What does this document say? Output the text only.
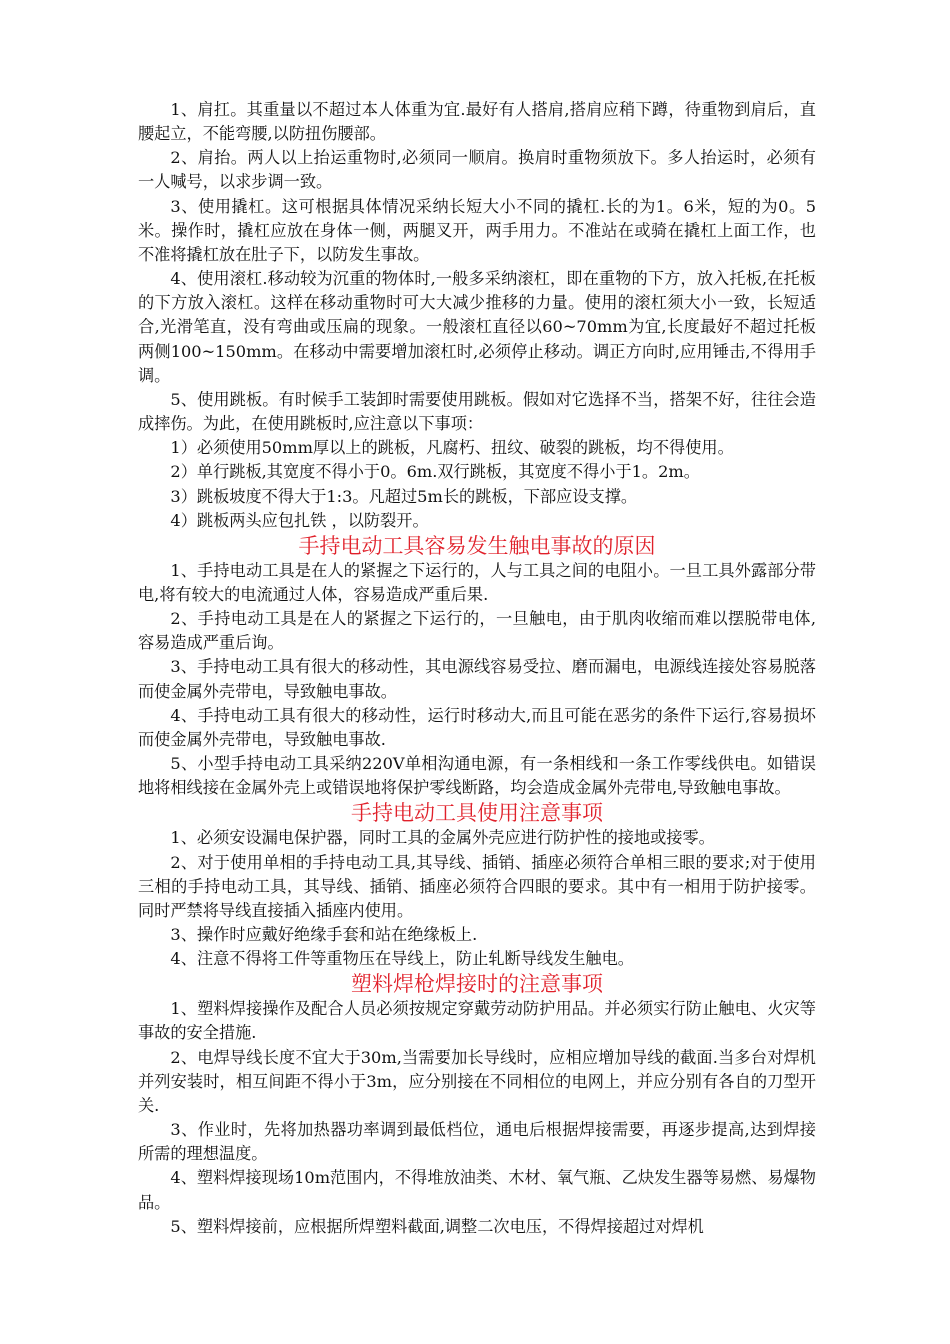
1、肩扛。其重量以不超过本人体重为宜.最好有人搭肩,搭肩应稍下蹲，待重物到肩后，直腰起立，不能弯腰,以防扭伤腰部。

2、肩抬。两人以上抬运重物时,必须同一顺肩。换肩时重物须放下。多人抬运时，必须有一人喊号，以求步调一致。

3、使用撬杠。这可根据具体情况采纳长短大小不同的撬杠.长的为1。6米，短的为0。5米。操作时，撬杠应放在身体一侧，两腿叉开，两手用力。不准站在或骑在撬杠上面工作，也不准将撬杠放在肚子下，以防发生事故。

4、使用滚杠.移动较为沉重的物体时,一般多采纳滚杠，即在重物的下方，放入托板,在托板的下方放入滚杠。这样在移动重物时可大大减少推移的力量。使用的滚杠须大小一致，长短适合,光滑笔直，没有弯曲或压扁的现象。一般滚杠直径以60~70mm为宜,长度最好不超过托板两侧100~150mm。在移动中需要增加滚杠时,必须停止移动。调正方向时,应用锤击,不得用手调。

5、使用跳板。有时候手工装卸时需要使用跳板。假如对它选择不当，搭架不好，往往会造成摔伤。为此，在使用跳板时,应注意以下事项：

1）必须使用50mm厚以上的跳板，凡腐朽、扭纹、破裂的跳板，均不得使用。

2）单行跳板,其宽度不得小于0。6m.双行跳板，其宽度不得小于1。2m。

3）跳板坡度不得大于1:3。凡超过5m长的跳板，下部应设支撑。

4）跳板两头应包扎铁 ，以防裂开。

手持电动工具容易发生触电事故的原因

1、手持电动工具是在人的紧握之下运行的，人与工具之间的电阻小。一旦工具外露部分带电,将有较大的电流通过人体，容易造成严重后果.

2、手持电动工具是在人的紧握之下运行的，一旦触电，由于肌肉收缩而难以摆脱带电体,容易造成严重后询。

3、手持电动工具有很大的移动性，其电源线容易受拉、磨而漏电，电源线连接处容易脱落而使金属外壳带电，导致触电事故。

4、手持电动工具有很大的移动性，运行时移动大,而且可能在恶劣的条件下运行,容易损坏而使金属外壳带电，导致触电事故.

5、小型手持电动工具采纳220V单相沟通电源，有一条相线和一条工作零线供电。如错误地将相线接在金属外壳上或错误地将保护零线断路，均会造成金属外壳带电,导致触电事故。

手持电动工具使用注意事项

1、必须安设漏电保护器，同时工具的金属外壳应进行防护性的接地或接零。

2、对于使用单相的手持电动工具,其导线、插销、插座必须符合单相三眼的要求;对于使用三相的手持电动工具，其导线、插销、插座必须符合四眼的要求。其中有一相用于防护接零。同时严禁将导线直接插入插座内使用。

3、操作时应戴好绝缘手套和站在绝缘板上.

4、注意不得将工件等重物压在导线上，防止轧断导线发生触电。

塑料焊枪焊接时的注意事项

1、塑料焊接操作及配合人员必须按规定穿戴劳动防护用品。并必须实行防止触电、火灾等事故的安全措施.

2、电焊导线长度不宜大于30m,当需要加长导线时，应相应增加导线的截面.当多台对焊机并列安装时，相互间距不得小于3m，应分别接在不同相位的电网上，并应分别有各自的刀型开关.

3、作业时，先将加热器功率调到最低档位，通电后根据焊接需要，再逐步提高,达到焊接所需的理想温度。

4、塑料焊接现场10m范围内，不得堆放油类、木材、氧气瓶、乙炔发生器等易燃、易爆物品。

5、塑料焊接前，应根据所焊塑料截面,调整二次电压，不得焊接超过对焊机
